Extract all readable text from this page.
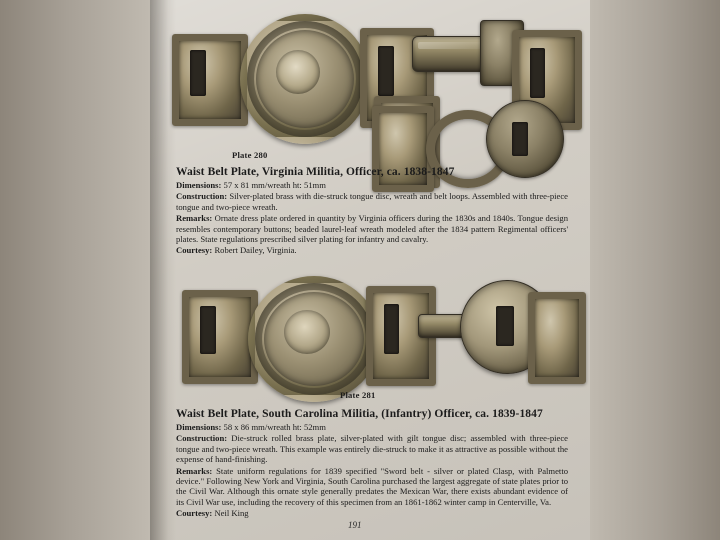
Plate 280
Waist Belt Plate, Virginia Militia, Officer, ca. 1838-1847
Dimensions: 57 x 81 mm/wreath ht: 51mm
Construction: Silver-plated brass with die-struck tongue disc, wreath and belt loops. Assembled with three-piece tongue and two-piece wreath.
Remarks: Ornate dress plate ordered in quantity by Virginia officers during the 1830s and 1840s. Tongue design resembles contemporary buttons; beaded laurel-leaf wreath modeled after the 1834 pattern Regimental officers' plates. State regulations prescribed silver plating for infantry and cavalry.
Courtesy: Robert Dailey, Virginia.
Plate 281
Waist Belt Plate, South Carolina Militia, (Infantry) Officer, ca. 1839-1847
Dimensions: 58 x 86 mm/wreath ht: 52mm
Construction: Die-struck rolled brass plate, silver-plated with gilt tongue disc; assembled with three-piece tongue and two-piece wreath. This example was entirely die-struck to make it as attractive as possible without the expense of hand-finishing.
Remarks: State uniform regulations for 1839 specified "Sword belt - silver or plated Clasp, with Palmetto device." Following New York and Virginia, South Carolina purchased the largest aggregate of state plates prior to the Civil War. Although this ornate style generally predates the Mexican War, there exists abundant evidence of its Civil War use, including the recovery of this specimen from an 1861-1862 winter camp in Centerville, Va.
Courtesy: Neil King
191
